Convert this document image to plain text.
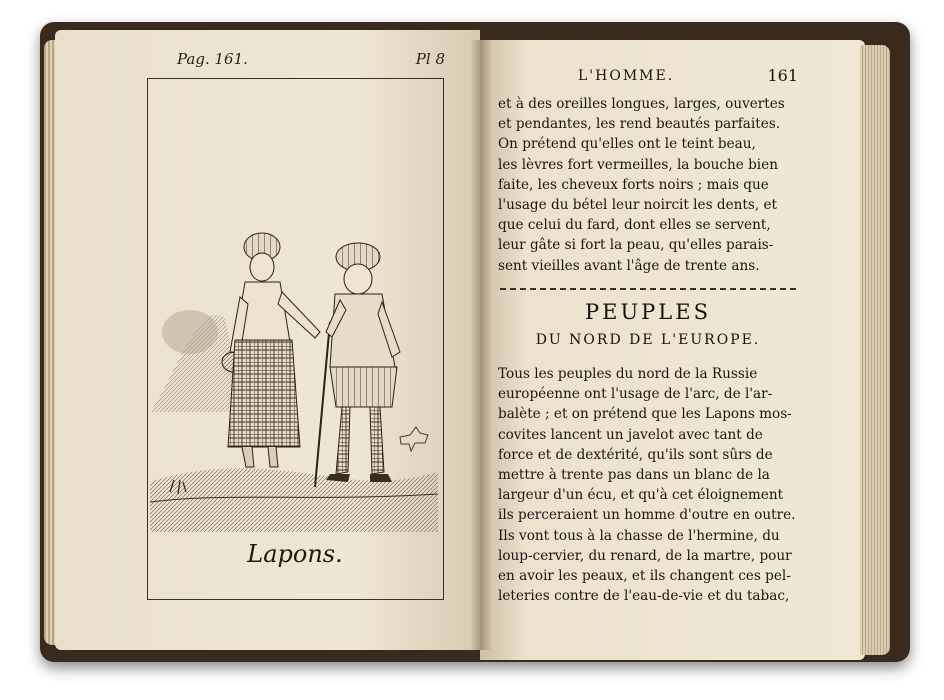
Pag. 161.	Pl 8
Lapons.
L'HOMME.	161
et à des oreilles longues, larges, ouvertes
et pendantes, les rend beautés parfaites.
On prétend qu'elles ont le teint beau,
les lèvres fort vermeilles, la bouche bien
faite, les cheveux forts noirs ; mais que
l'usage du bétel leur noircit les dents, et
que celui du fard, dont elles se servent,
leur gâte si fort la peau, qu'elles parais-
sent vieilles avant l'âge de trente ans.
PEUPLES
DU NORD DE L'EUROPE.
Tous les peuples du nord de la Russie
européenne ont l'usage de l'arc, de l'ar-
balète ; et on prétend que les Lapons mos-
covites lancent un javelot avec tant de
force et de dextérité, qu'ils sont sûrs de
mettre à trente pas dans un blanc de la
largeur d'un écu, et qu'à cet éloignement
ils perceraient un homme d'outre en outre.
Ils vont tous à la chasse de l'hermine, du
loup-cervier, du renard, de la martre, pour
en avoir les peaux, et ils changent ces pel-
leteries contre de l'eau-de-vie et du tabac,
